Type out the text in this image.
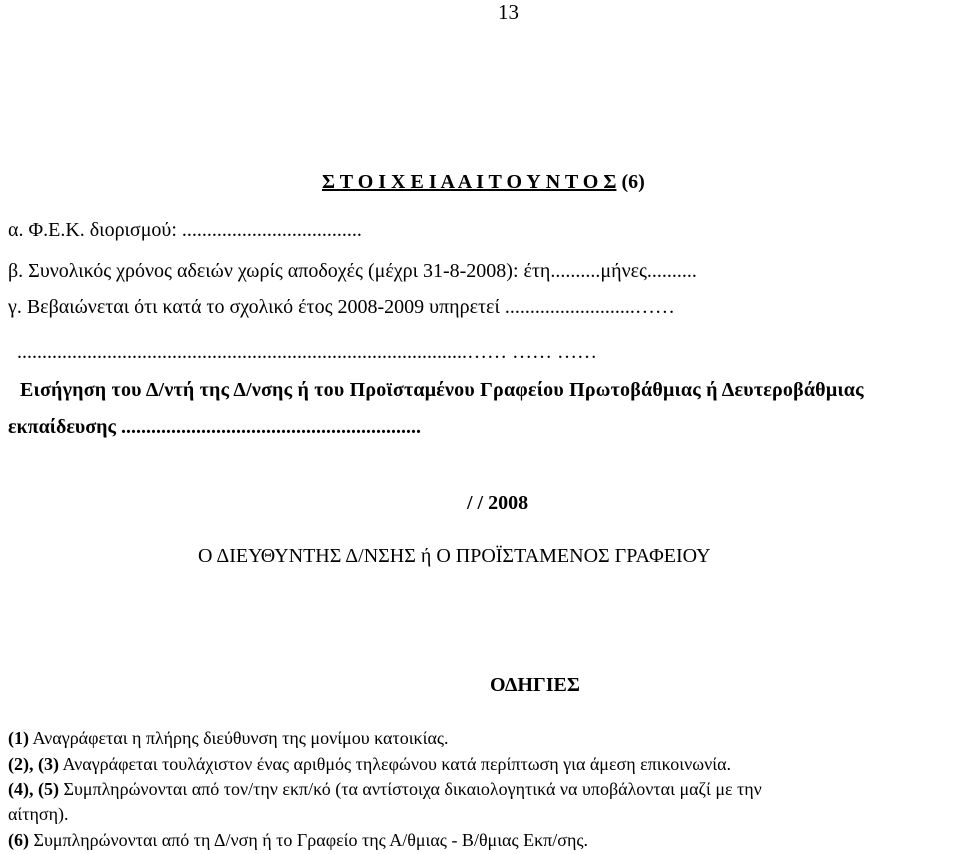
13
Σ Τ Ο Ι Χ Ε Ι Α Α Ι Τ Ο Υ Ν Τ Ο Σ (6)
α. Φ.Ε.Κ. διορισμού: ....................................
β. Συνολικός χρόνος αδειών χωρίς αποδοχές (μέχρι 31-8-2008): έτη..........μήνες..........
γ. Βεβαιώνεται ότι κατά το σχολικό έτος 2008-2009 υπηρετεί ..........................……
..........................................................................................…… …… ……
Εισήγηση του Δ/ντή της Δ/νσης ή του Προϊσταμένου Γραφείου Πρωτοβάθμιας ή Δευτεροβάθμιας
εκπαίδευσης ............................................................
/ / 2008
Ο ΔΙΕΥΘΥΝΤΗΣ Δ/ΝΣΗΣ ή Ο ΠΡΟΪΣΤΑΜΕΝΟΣ ΓΡΑΦΕΙΟΥ
ΟΔΗΓΙΕΣ
(1) Αναγράφεται η πλήρης διεύθυνση της μονίμου κατοικίας.
(2), (3) Αναγράφεται τουλάχιστον ένας αριθμός τηλεφώνου κατά περίπτωση για άμεση επικοινωνία.
(4), (5) Συμπληρώνονται από τον/την εκπ/κό (τα αντίστοιχα δικαιολογητικά να υποβάλονται μαζί με την
αίτηση).
(6) Συμπληρώνονται από τη Δ/νση ή το Γραφείο της Α/θμιας - Β/θμιας Εκπ/σης.
